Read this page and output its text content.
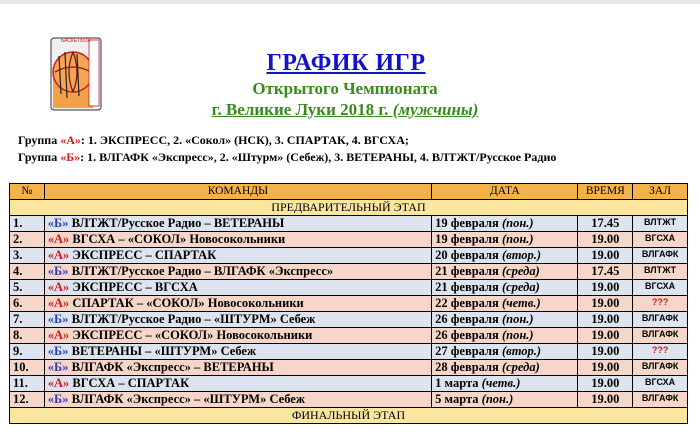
БАСКЕТБОЛ
ГРАФИК ИГР
Открытого Чемпионата
г. Великие Луки 2018 г. (мужчины)
Группа «А»: 1. ЭКСПРЕСС, 2. «Сокол» (НСК), 3. СПАРТАК, 4. ВГСХА;
Группа «Б»: 1. ВЛГАФК «Экспресс», 2. «Штурм» (Себеж), 3. ВЕТЕРАНЫ, 4. ВЛТЖТ/Русское Радио
№	КОМАНДЫ	ДАТА	ВРЕМЯ	ЗАЛ
ПРЕДВАРИТЕЛЬНЫЙ ЭТАП				
1.	«Б» ВЛТЖТ/Русское Радио – ВЕТЕРАНЫ	19 февраля (пон.)	17.45	ВЛТЖТ
2.	«А» ВГСХА – «СОКОЛ» Новосокольники	19 февраля (пон.)	19.00	ВГСХА
3.	«А» ЭКСПРЕСС – СПАРТАК	20 февраля (втор.)	19.00	ВЛГАФК
4.	«Б» ВЛТЖТ/Русское Радио – ВЛГАФК «Экспресс»	21 февраля (среда)	17.45	ВЛТЖТ
5.	«А» ЭКСПРЕСС – ВГСХА	21 февраля (среда)	19.00	ВГСХА
6.	«А» СПАРТАК – «СОКОЛ» Новосокольники	22 февраля (четв.)	19.00	???
7.	«Б» ВЛТЖТ/Русское Радио – «ШТУРМ» Себеж	26 февраля (пон.)	19.00	ВЛГАФК
8.	«А» ЭКСПРЕСС – «СОКОЛ» Новосокольники	26 февраля (пон.)	19.00	ВЛГАФК
9.	«Б» ВЕТЕРАНЫ – «ШТУРМ» Себеж	27 февраля (втор.)	19.00	???
10.	«Б» ВЛГАФК «Экспресс» – ВЕТЕРАНЫ	28 февраля (среда)	19.00	ВЛГАФК
11.	«А» ВГСХА – СПАРТАК	1 марта (четв.)	19.00	ВГСХА
12.	«Б» ВЛГАФК «Экспресс» – «ШТУРМ» Себеж	5 марта (пон.)	19.00	ВЛГАФК
ФИНАЛЬНЫЙ ЭТАП				
